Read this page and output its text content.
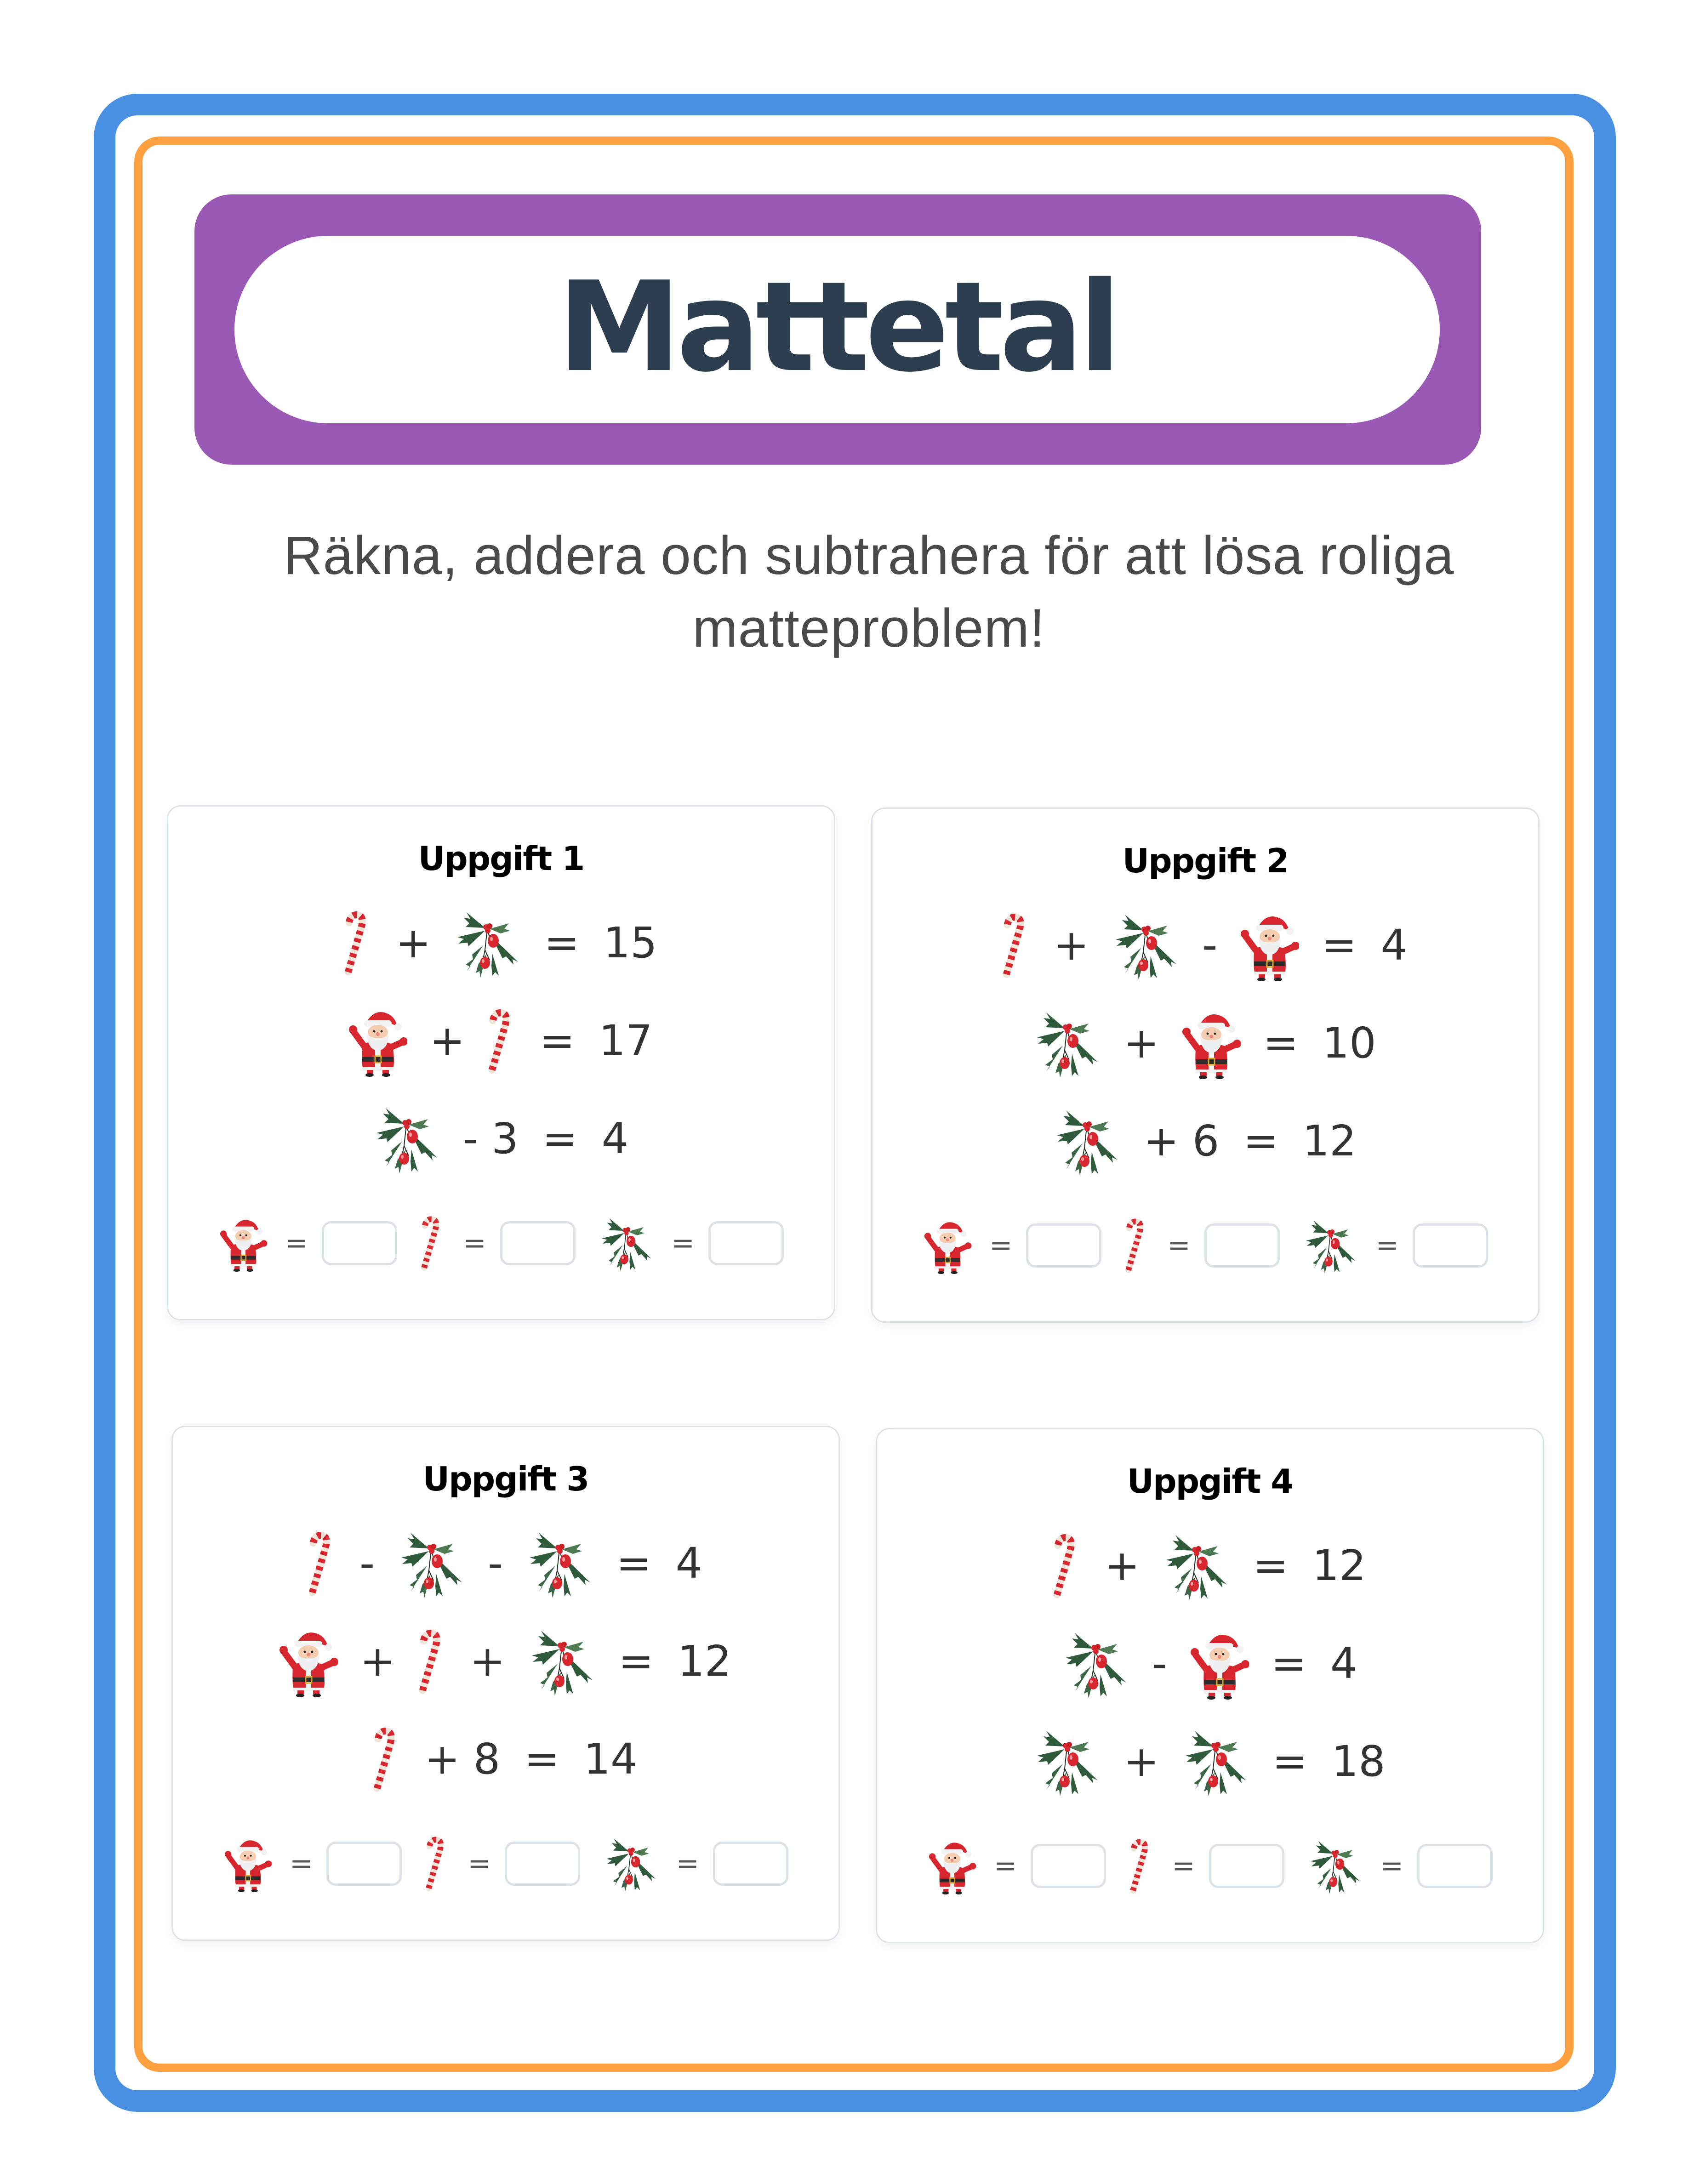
Mattetal
Räkna, addera och subtrahera för att lösa roliga
matteproblem!
Uppgift 1
+	= 15
+ = 17
- 3 = 4
=	=	=
Uppgift 2
+	- = 4
+ = 10
+ 6 = 12
=	=	=
Uppgift 3
-	-	= 4
+ +	= 12
+ 8 = 14
=	=	=
Uppgift 4
+	= 12
- = 4
+	= 18
=	=	=
